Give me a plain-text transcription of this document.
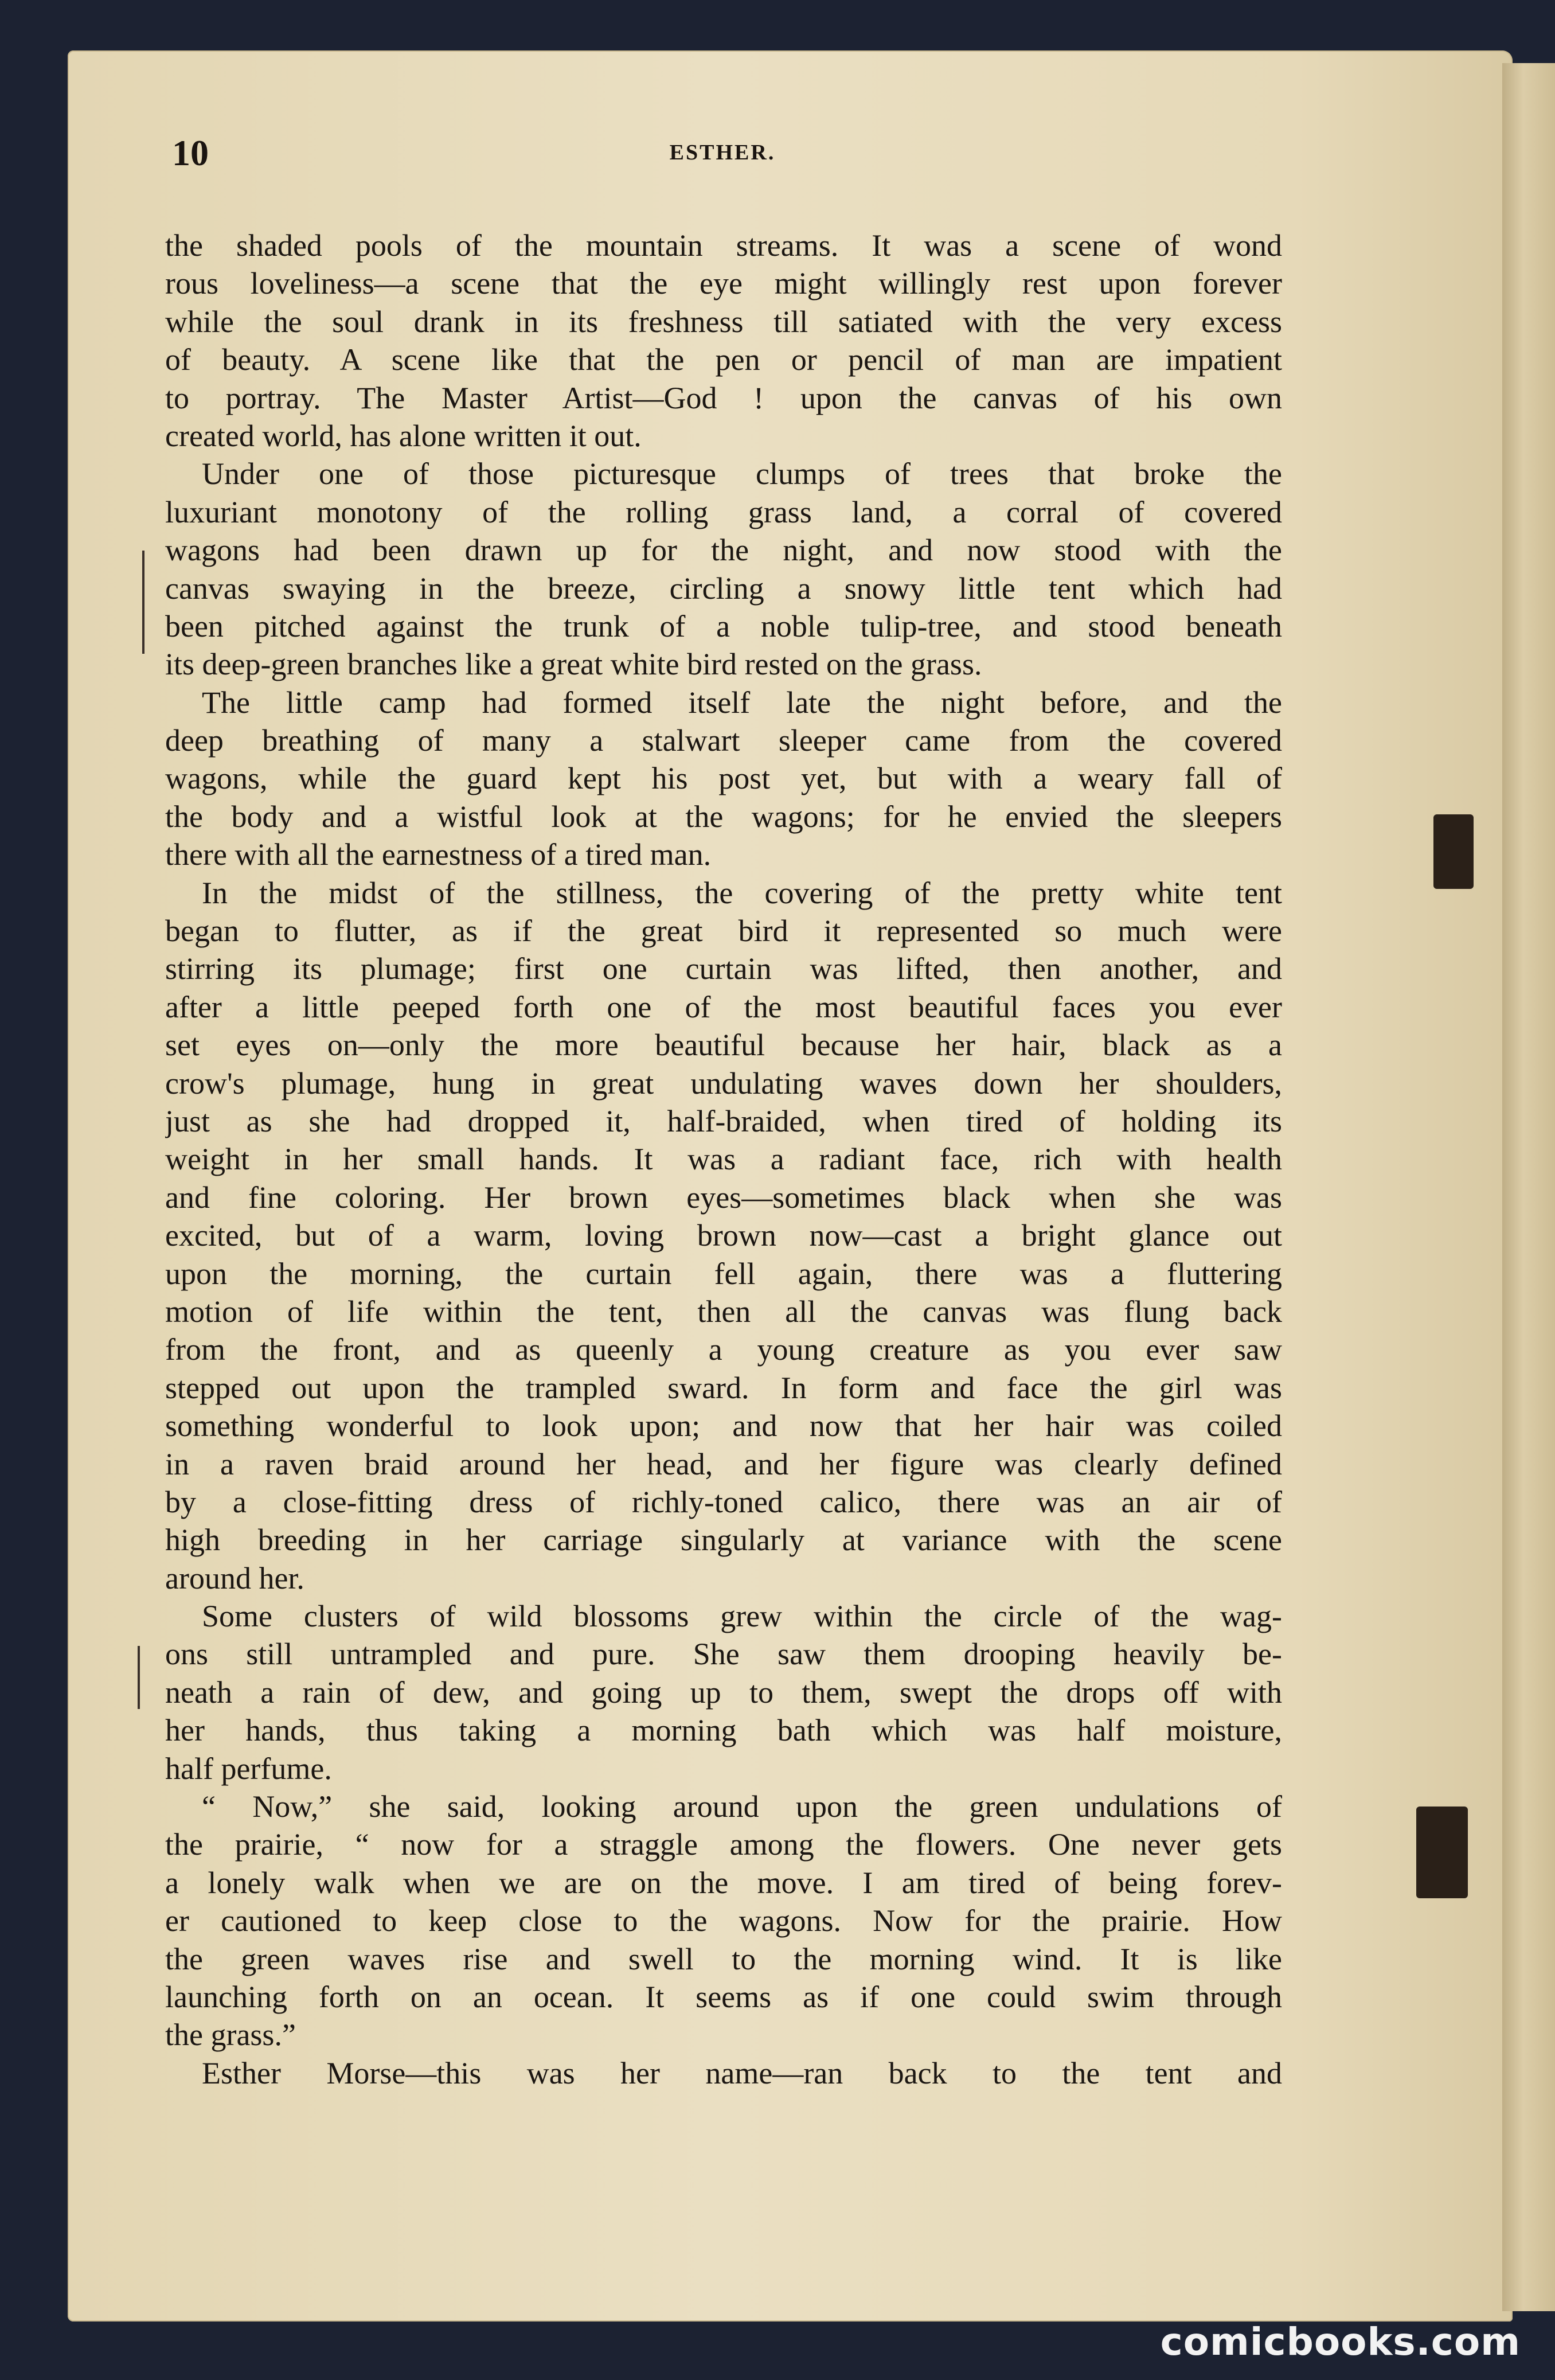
10	ESTHER.
the shaded pools of the mountain streams. It was a scene of wond
rous loveliness—a scene that the eye might willingly rest upon forever
while the soul drank in its freshness till satiated with the very excess
of beauty. A scene like that the pen or pencil of man are impatient
to portray. The Master Artist—God ! upon the canvas of his own
created world, has alone written it out.
Under one of those picturesque clumps of trees that broke the
luxuriant monotony of the rolling grass land, a corral of covered
wagons had been drawn up for the night, and now stood with the
canvas swaying in the breeze, circling a snowy little tent which had
been pitched against the trunk of a noble tulip-tree, and stood beneath
its deep-green branches like a great white bird rested on the grass.
The little camp had formed itself late the night before, and the
deep breathing of many a stalwart sleeper came from the covered
wagons, while the guard kept his post yet, but with a weary fall of
the body and a wistful look at the wagons; for he envied the sleepers
there with all the earnestness of a tired man.
In the midst of the stillness, the covering of the pretty white tent
began to flutter, as if the great bird it represented so much were
stirring its plumage; first one curtain was lifted, then another, and
after a little peeped forth one of the most beautiful faces you ever
set eyes on—only the more beautiful because her hair, black as a
crow's plumage, hung in great undulating waves down her shoulders,
just as she had dropped it, half-braided, when tired of holding its
weight in her small hands. It was a radiant face, rich with health
and fine coloring. Her brown eyes—sometimes black when she was
excited, but of a warm, loving brown now—cast a bright glance out
upon the morning, the curtain fell again, there was a fluttering
motion of life within the tent, then all the canvas was flung back
from the front, and as queenly a young creature as you ever saw
stepped out upon the trampled sward. In form and face the girl was
something wonderful to look upon; and now that her hair was coiled
in a raven braid around her head, and her figure was clearly defined
by a close-fitting dress of richly-toned calico, there was an air of
high breeding in her carriage singularly at variance with the scene
around her.
Some clusters of wild blossoms grew within the circle of the wag-
ons still untrampled and pure. She saw them drooping heavily be-
neath a rain of dew, and going up to them, swept the drops off with
her hands, thus taking a morning bath which was half moisture,
half perfume.
“ Now,” she said, looking around upon the green undulations of
the prairie, “ now for a straggle among the flowers. One never gets
a lonely walk when we are on the move. I am tired of being forev-
er cautioned to keep close to the wagons. Now for the prairie. How
the green waves rise and swell to the morning wind. It is like
launching forth on an ocean. It seems as if one could swim through
the grass.”
Esther Morse—this was her name—ran back to the tent and
comicbooks.com
